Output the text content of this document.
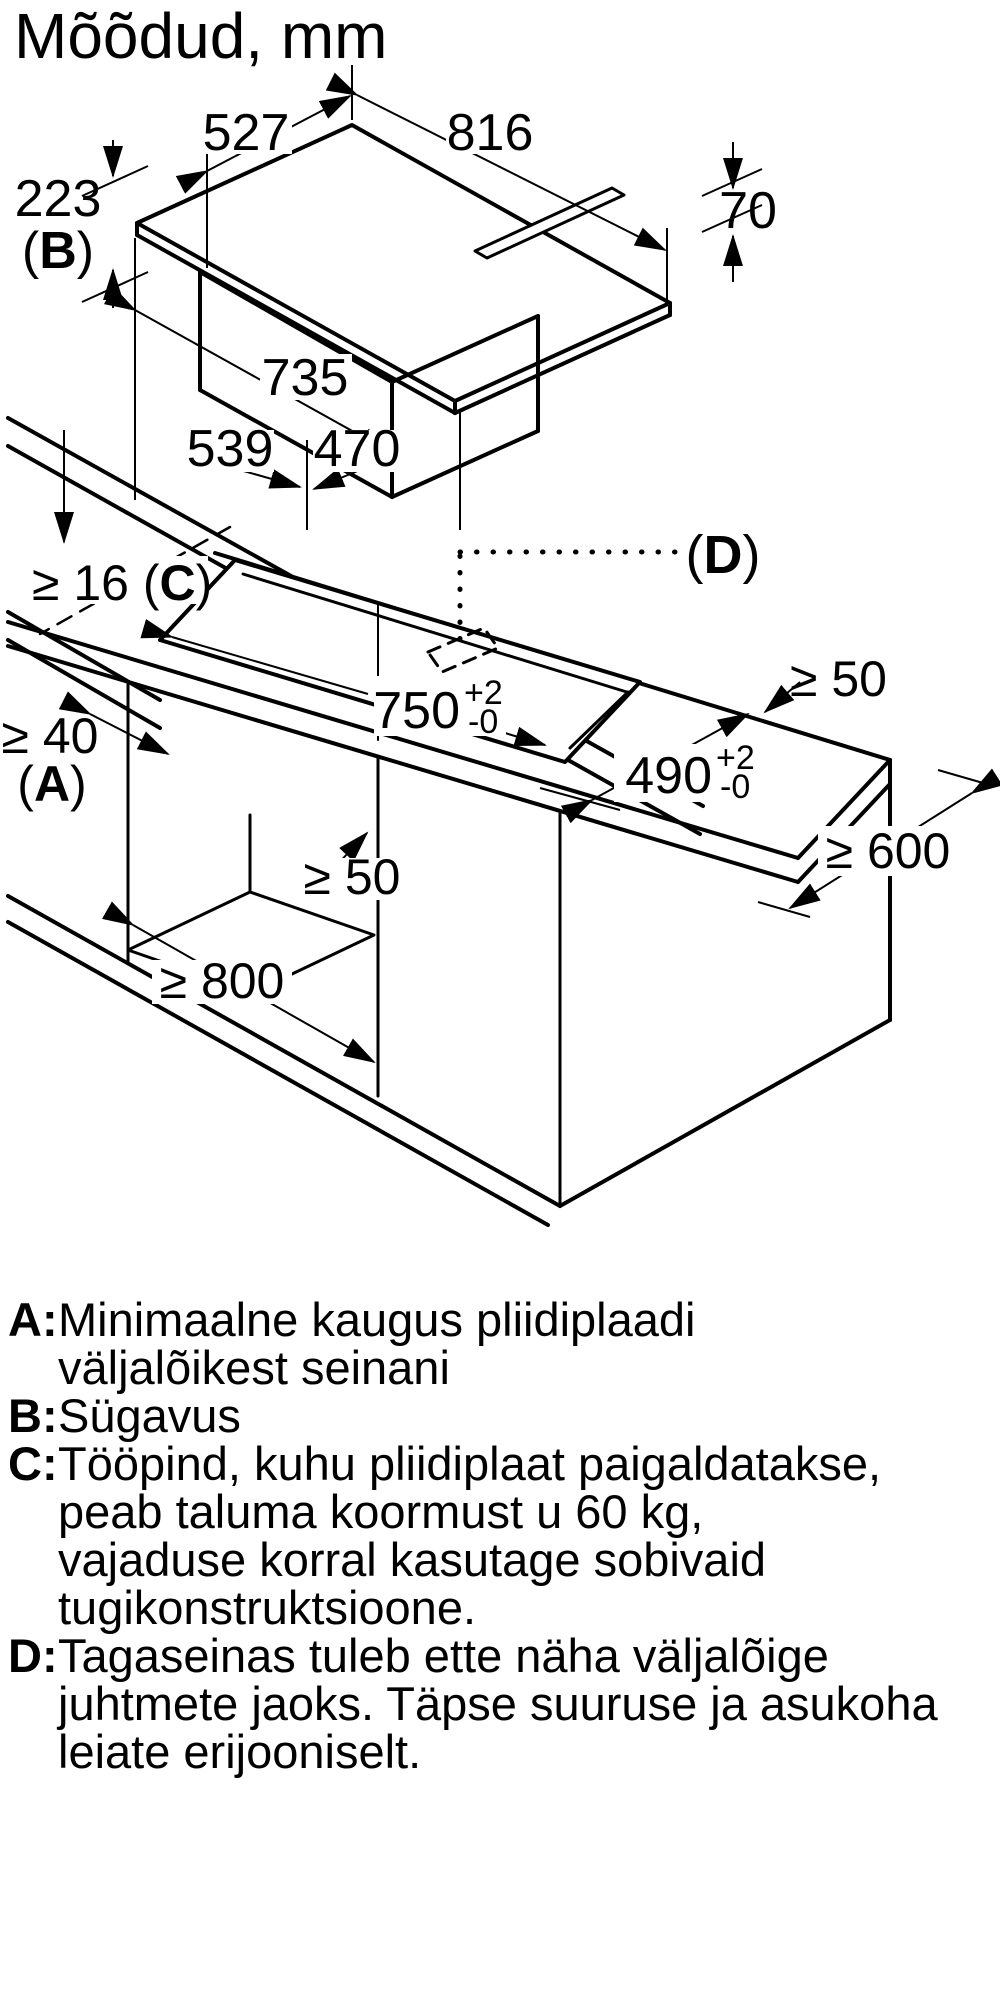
Mõõdud, mm
527	816
223
(B)
70
735
539 470
≥ 16 (C)
≥ 40
(A)
(D)
750 +2
-0
490 +2
-0
≥ 50
≥ 600
≥ 50
≥ 800
A: Minimaalne kaugus pliidiplaadi
väljalõikest seinani
B: Sügavus
C: Tööpind, kuhu pliidiplaat paigaldatakse,
peab taluma koormust u 60 kg,
vajaduse korral kasutage sobivaid
tugikonstruktsioone.
D: Tagaseinas tuleb ette näha väljalõige
juhtmete jaoks. Täpse suuruse ja asukoha
leiate erijooniselt.
